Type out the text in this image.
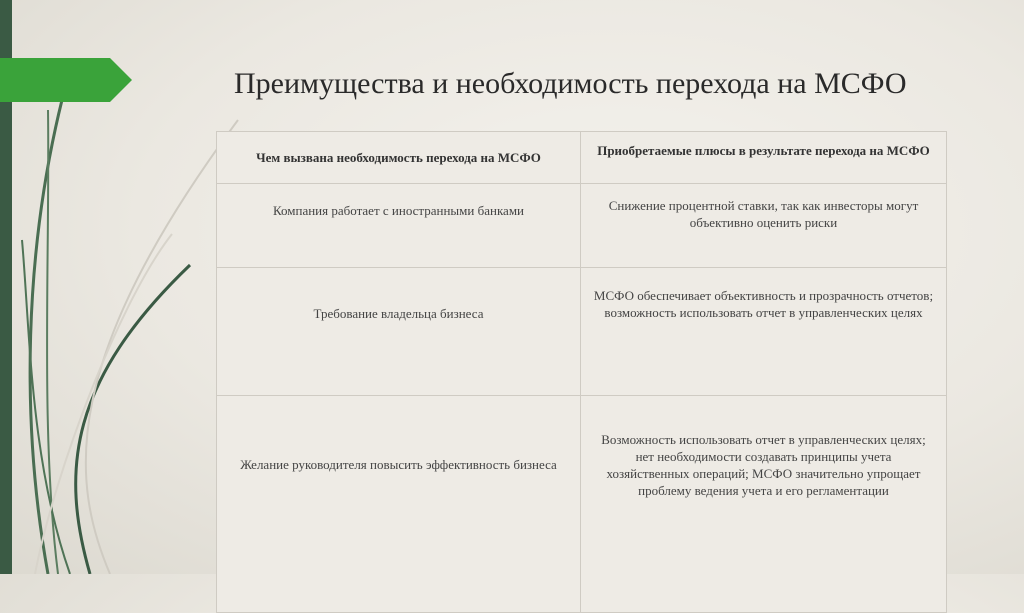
Преимущества и необходимость перехода на МСФО
Чем вызвана необходимость перехода на МСФО	Приобретаемые плюсы в результате перехода на МСФО

Компания работает с иностранными банками	Снижение процентной ставки, так как инвесторы могут объективно оценить риски

Требование владельца бизнеса	МСФО обеспечивает объективность и прозрачность отчетов; возможность использовать отчет в управленческих целях

Желание руководителя повысить эффективность бизнеса	Возможность использовать отчет в управленческих целях; нет необходимости создавать принципы учета хозяйственных операций; МСФО значительно упрощает проблему ведения учета и его регламентации
